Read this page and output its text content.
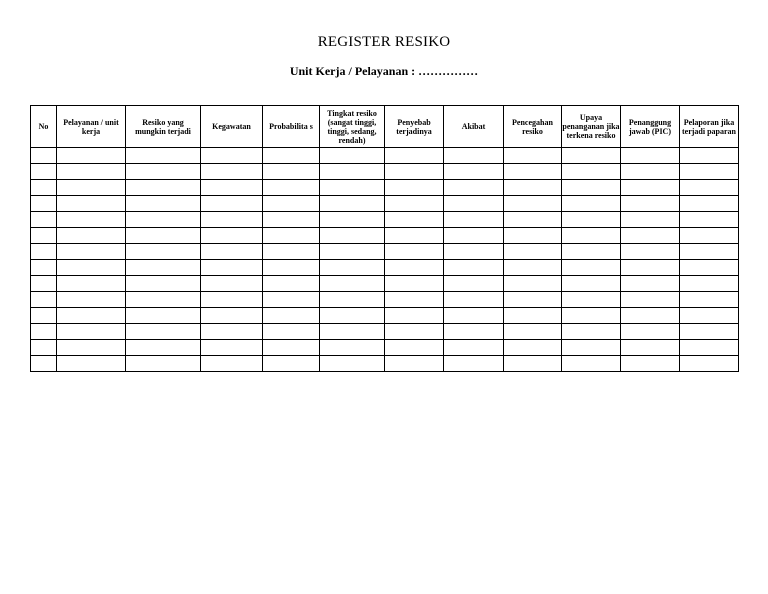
REGISTER RESIKO
Unit Kerja / Pelayanan : ……………
No	Pelayanan / unit kerja	Resiko yang mungkin terjadi	Kegawatan	Probabilita s	Tingkat resiko (sangat tinggi, tinggi, sedang, rendah)	Penyebab terjadinya	Akibat	Pencegahan resiko	Upaya penanganan jika terkena resiko	Penanggung jawab (PIC)	Pelaporan jika terjadi paparan
